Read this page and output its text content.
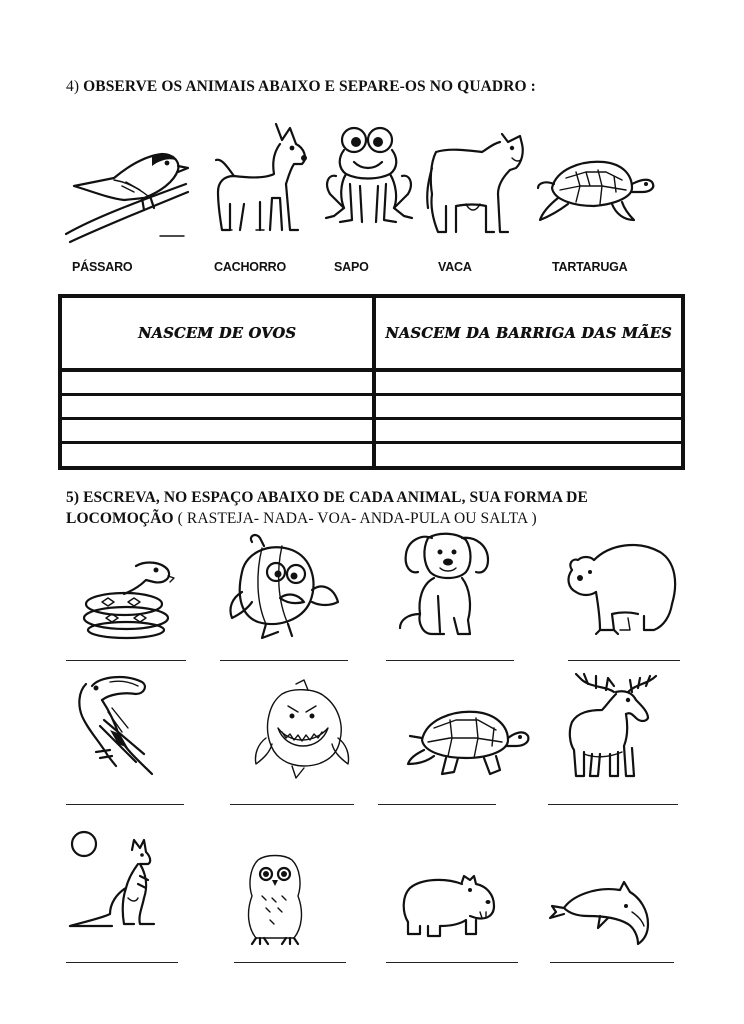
4) OBSERVE OS ANIMAIS ABAIXO E SEPARE-OS NO QUADRO :
PÁSSARO	CACHORRO	SAPO	VACA	TARTARUGA
NASCEM DE OVOS	NASCEM DA BARRIGA DAS MÃES
5) ESCREVA, NO ESPAÇO ABAIXO DE CADA ANIMAL, SUA FORMA DE
LOCOMOÇÃO ( RASTEJA- NADA- VOA- ANDA-PULA OU SALTA )
